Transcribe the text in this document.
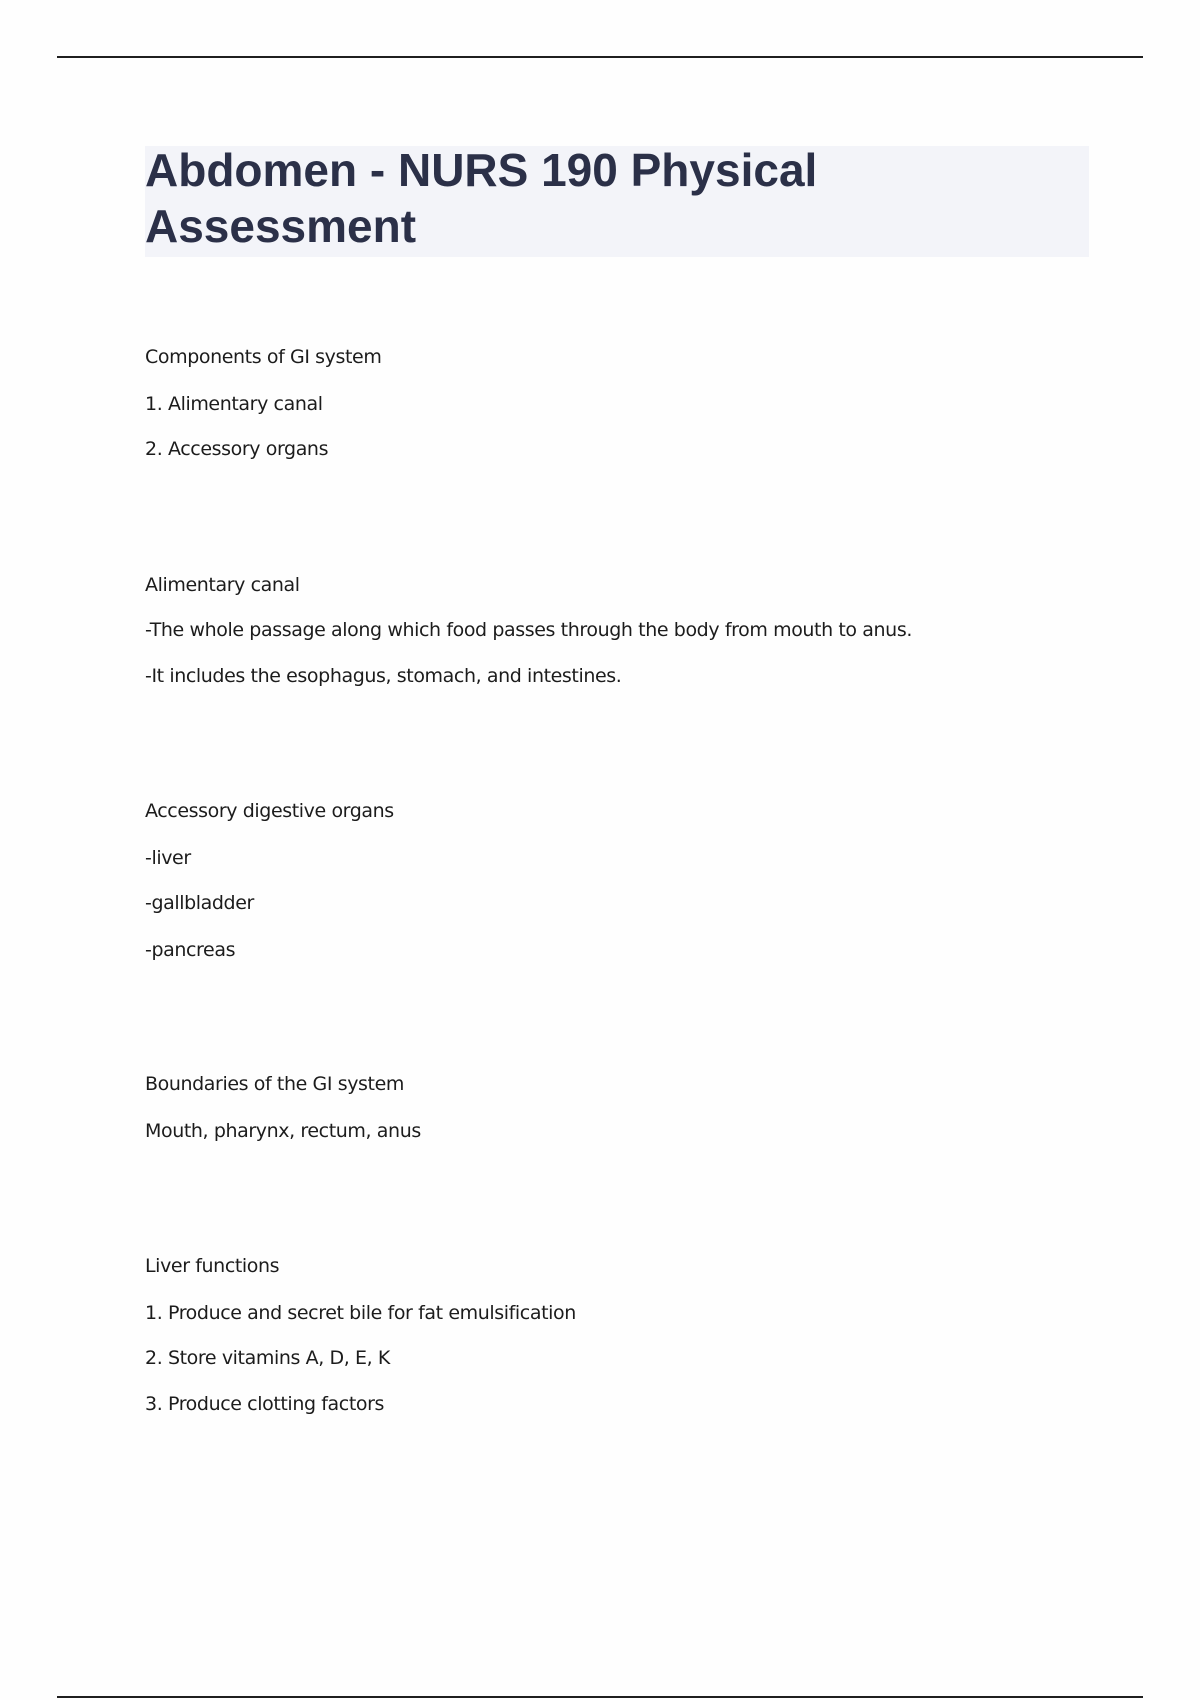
Abdomen - NURS 190 Physical Assessment
Components of GI system
1. Alimentary canal
2. Accessory organs
Alimentary canal
-The whole passage along which food passes through the body from mouth to anus.
-It includes the esophagus, stomach, and intestines.
Accessory digestive organs
-liver
-gallbladder
-pancreas
Boundaries of the GI system
Mouth, pharynx, rectum, anus
Liver functions
1. Produce and secret bile for fat emulsification
2. Store vitamins A, D, E, K
3. Produce clotting factors
